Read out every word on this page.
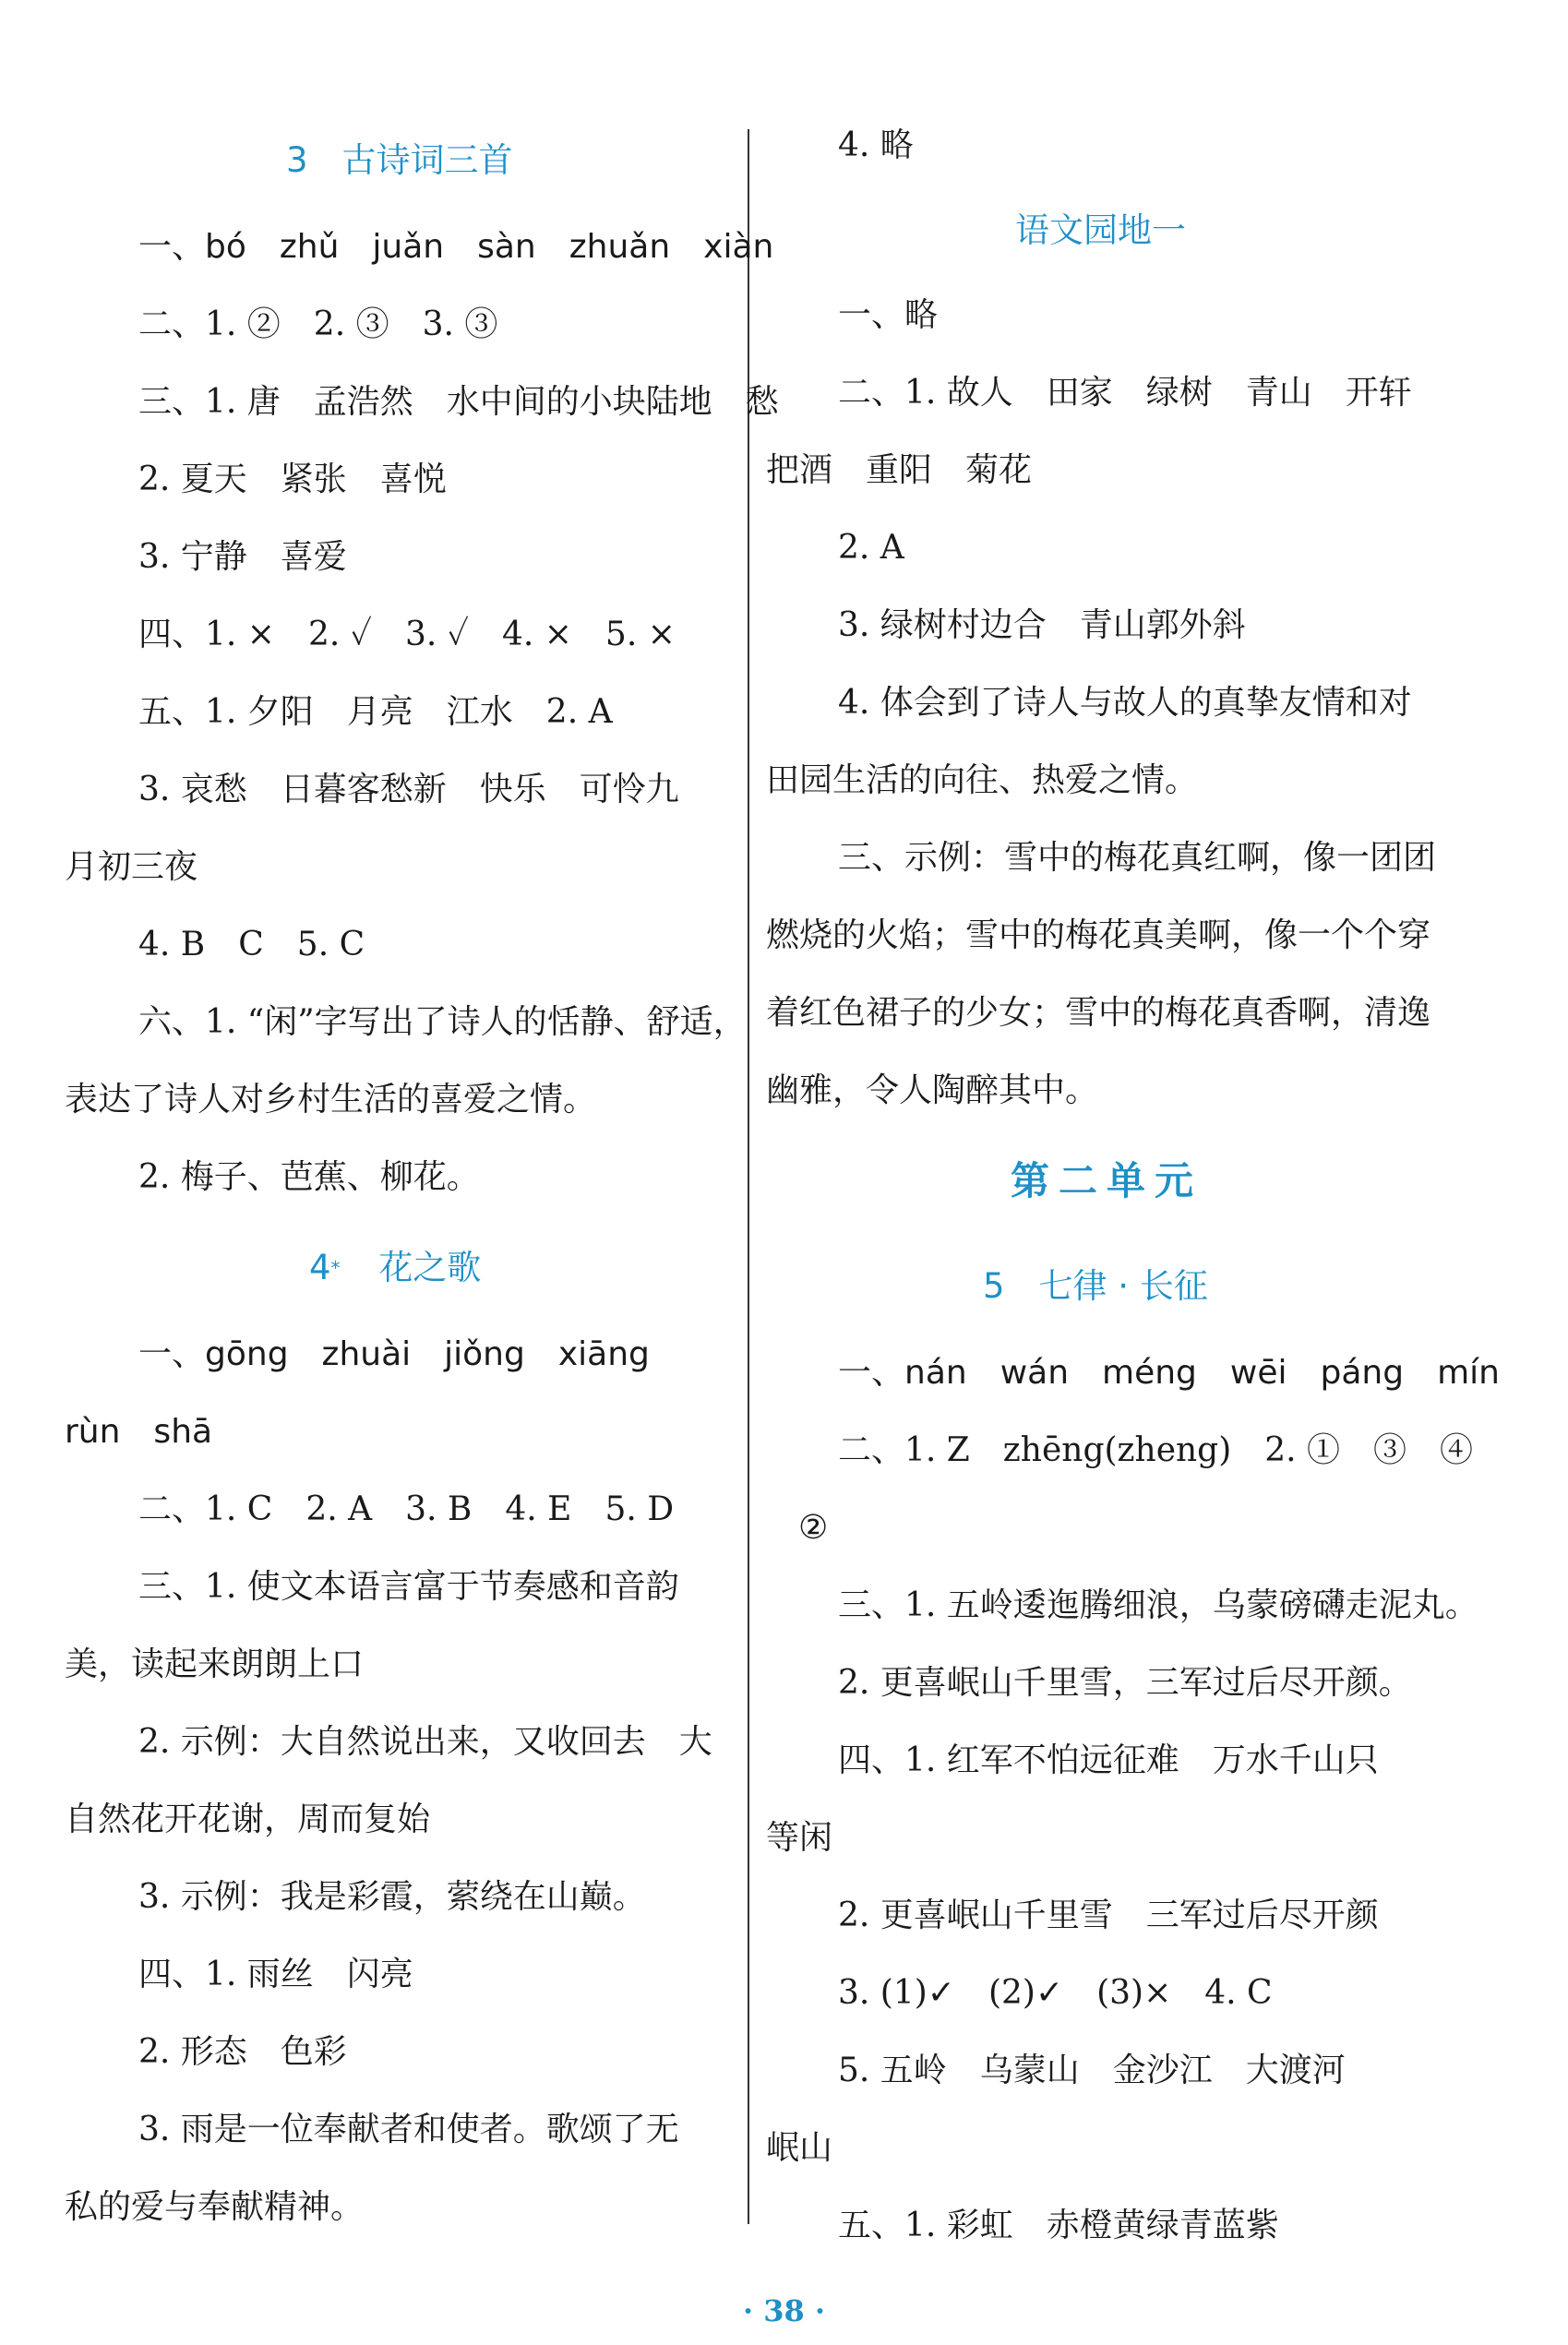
3　古诗词三首
一、bó　zhǔ　juǎn　sàn　zhuǎn　xiàn
二、1. ②　2. ③　3. ③
三、1. 唐　孟浩然　水中间的小块陆地　愁
2. 夏天　紧张　喜悦
3. 宁静　喜爱
四、1. ×　2. ✓　3. ✓　4. ×　5. ×
五、1. 夕阳　月亮　江水　2. A
3. 哀愁　日暮客愁新　快乐　可怜九
月初三夜
4. B　C　5. C
六、1. “闲”字写出了诗人的恬静、舒适，
表达了诗人对乡村生活的喜爱之情。
2. 梅子、芭蕉、柳花。
4* 花之歌
一、gōng　zhuài　jiǒng　xiāng
rùn　shā
二、1. C　2. A　3. B　4. E　5. D
三、1. 使文本语言富于节奏感和音韵
美，读起来朗朗上口
2. 示例：大自然说出来，又收回去　大
自然花开花谢，周而复始
3. 示例：我是彩霞，萦绕在山巅。
四、1. 雨丝　闪亮
2. 形态　色彩
3. 雨是一位奉献者和使者。歌颂了无
私的爱与奉献精神。
4. 略
语文园地一
一、略
二、1. 故人　田家　绿树　青山　开轩
把酒　重阳　菊花
2. A
3. 绿树村边合　青山郭外斜
4. 体会到了诗人与故人的真挚友情和对
田园生活的向往、热爱之情。
三、示例：雪中的梅花真红啊，像一团团
燃烧的火焰；雪中的梅花真美啊，像一个个穿
着红色裙子的少女；雪中的梅花真香啊，清逸
幽雅，令人陶醉其中。
第二单元
5　七律 · 长征
一、nán　wán　méng　wēi　páng　mín
二、1. Z　zhēng(zheng)　2. ①　③　④
②
三、1. 五岭逶迤腾细浪，乌蒙磅礴走泥丸。
2. 更喜岷山千里雪，三军过后尽开颜。
四、1. 红军不怕远征难　万水千山只
等闲
2. 更喜岷山千里雪　三军过后尽开颜
3. (1)✓　(2)✓　(3)×　4. C
5. 五岭　乌蒙山　金沙江　大渡河
岷山
五、1. 彩虹　赤橙黄绿青蓝紫
· 38 ·
